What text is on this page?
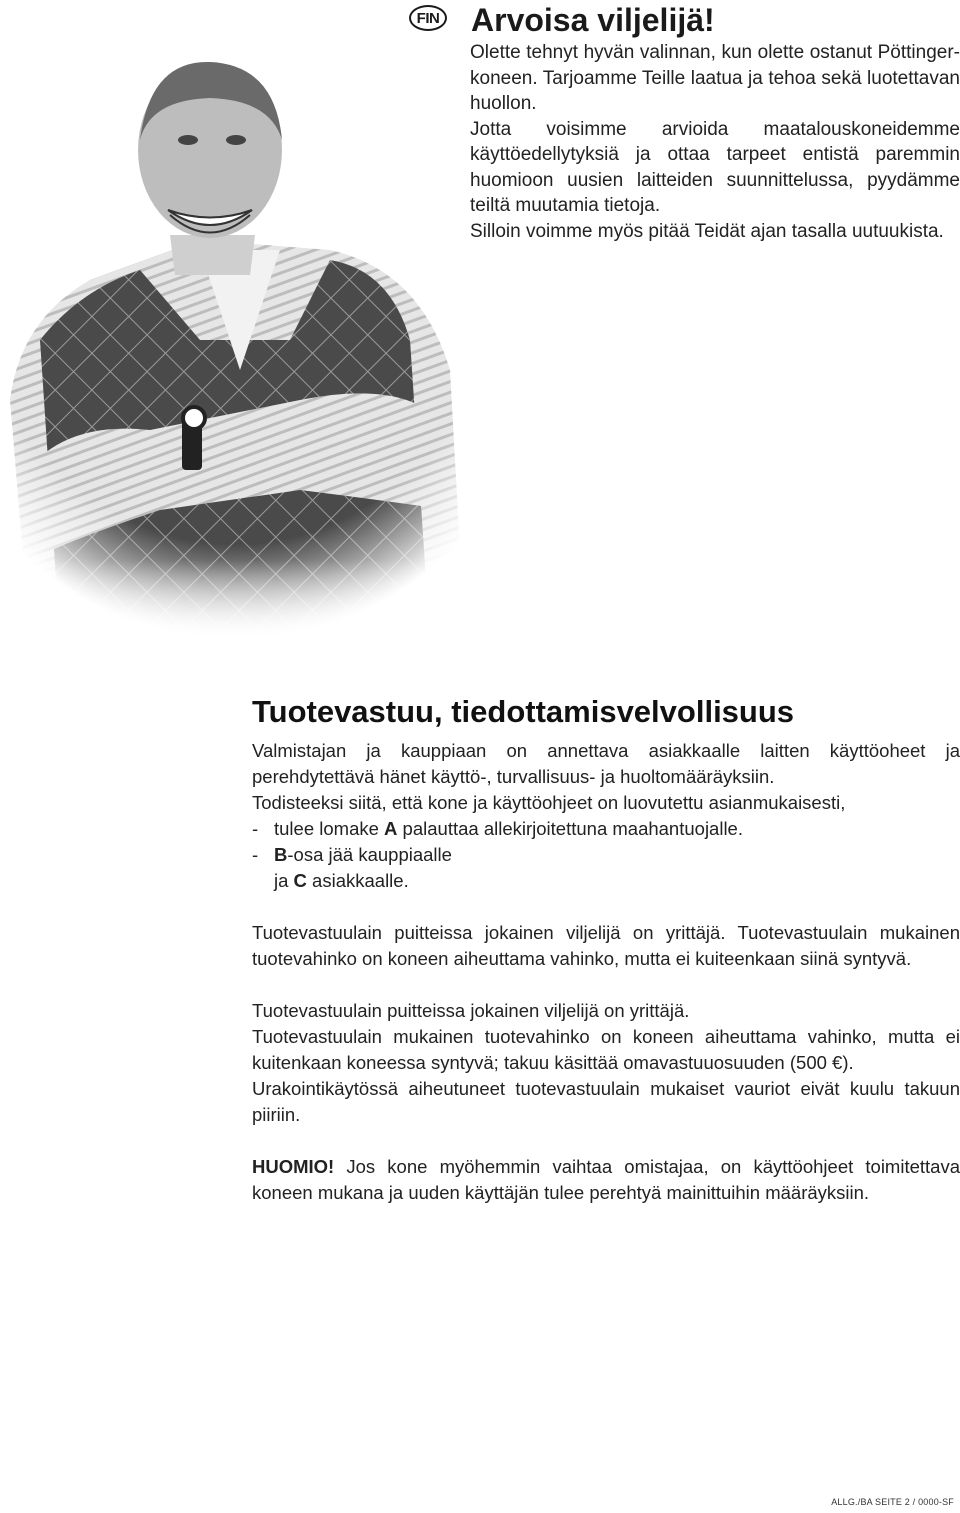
FIN Arvoisa viljelijä!

Olette tehnyt hyvän valinnan, kun olette ostanut Pöttinger-koneen. Tarjoamme Teille laatua ja tehoa sekä luotettavan huollon.

Jotta voisimme arvioida maatalouskoneidemme käyttöedellytyksiä ja ottaa tarpeet entistä paremmin huomioon uusien laitteiden suunnittelussa, pyydämme teiltä muutamia tietoja.

Silloin voimme myös pitää Teidät ajan tasalla uutuukista.

Tuotevastuu, tiedottamisvelvollisuus

Valmistajan ja kauppiaan on annettava asiakkaalle laitten käyttöoheet ja perehdytettävä hänet käyttö-, turvallisuus- ja huoltomääräyksiin.

Todisteeksi siitä, että kone ja käyttöohjeet on luovutettu asianmukaisesti,

- tulee lomake A palauttaa allekirjoitettuna maahantuojalle.
- B-osa jää kauppiaalle
ja C asiakkaalle.

Tuotevastuulain puitteissa jokainen viljelijä on yrittäjä. Tuotevastuulain mukainen tuotevahinko on koneen aiheuttama vahinko, mutta ei kuiteenkaan siinä syntyvä.

Tuotevastuulain puitteissa jokainen viljelijä on yrittäjä.

Tuotevastuulain mukainen tuotevahinko on koneen aiheuttama vahinko, mutta ei kuitenkaan koneessa syntyvä; takuu käsittää omavastuuosuuden (500 €).

Urakointikäytössä aiheutuneet tuotevastuulain mukaiset vauriot eivät kuulu takuun piiriin.

HUOMIO! Jos kone myöhemmin vaihtaa omistajaa, on käyttöohjeet toimitettava koneen mukana ja uuden käyttäjän tulee perehtyä mainittuihin määräyksiin.

ALLG./BA SEITE 2 / 0000-SF
